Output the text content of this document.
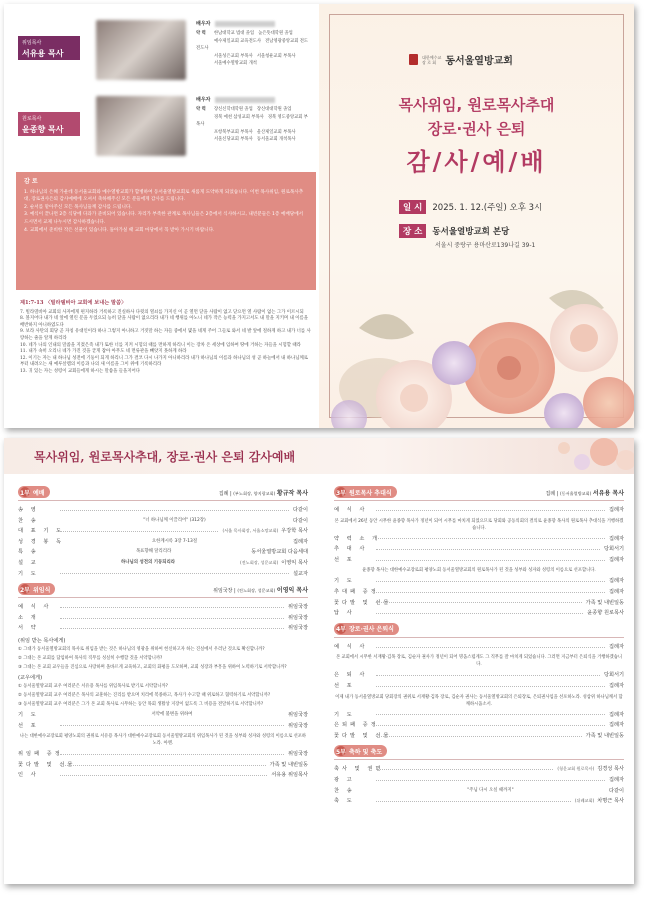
위임목사
서유용 목사
배우자
약 력 한남대학교 법대 졸업 높은뜻대학원 졸업
예수제일교회 교육전도사 전남영광중앙교회 전도전도사
서울성은교회 부목사 서울청운교회 부목사
서울예수열방교회 개척
원로목사
윤종향 목사
배우자
약 력 장신신학대학원 졸업 장신대대학원 졸업
경북 예천 삼성교회 부목사 경북 영도중앙교회 부목사
포항북부교회 부목사 울산제일교회 부목사
서울신당교회 부목사 동서울교회 개척목사
감 로

1. 하나님의 은혜 가운데 동서울교회와 예수열방교회가 합병하여 동서울열방교회로 새롭게 도약하게 되었습니다. 이번 목사위임, 원로목사추대, 장로권사은퇴 감사예배에 오셔서 축하해주신 모든 분들에게 감사를 드립니다.

2. 순서를 맡아주신 모든 목사님들께 감사를 드립니다.

3. 예식이 끝나면 2층 식당에 다과가 준비되어 있습니다. 자리가 부족한 관계로 목사님들은 2층에서 식사하시고, 내빈분들은 1층 예배당에서 드시면서 교제 나누시면 감사하겠습니다.

4. 교회에서 준비한 작은 선물이 있습니다. 돌아가실 때 교회 마당에서 꼭 받아 가시기 바랍니다.

제1:7-13 〈빌라델비아 교회에 보내는 말씀〉

7. 빌라델비아 교회의 사자에게 편지하라 거룩하고 진실하사 다윗의 열쇠를 가지신 이 곧 열면 닫을 사람이 없고 닫으면 열 사람이 없는 그가 이르시되

8. 볼지어다 내가 네 앞에 열린 문을 두었으되 능히 닫을 사람이 없으리라 내가 네 행위를 아노니 네가 작은 능력을 가지고서도 내 말을 지키며 내 이름을 배반하지 아니하였도다

9. 보라 사탄의 회당 곧 자칭 유대인이라 하나 그렇지 아니하고 거짓말 하는 자들 중에서 몇을 네게 주어 그들로 와서 네 발 앞에 절하게 하고 내가 너를 사랑하는 줄을 알게 하리라

10. 네가 나의 인내의 말씀을 지켰은즉 내가 또한 너를 지켜 시험의 때를 면하게 하리니 이는 장차 온 세상에 임하여 땅에 거하는 자들을 시험할 때라

11. 내가 속히 오리니 네가 가진 것을 굳게 잡아 아무도 네 면류관을 빼앗지 못하게 하라

12. 이기는 자는 내 하나님 성전에 기둥이 되게 하리니 그가 결코 다시 나가지 아니하리라 내가 하나님의 이름과 하나님의 성 곧 하늘에서 내 하나님께로부터 내려오는 새 예루살렘의 이름과 나의 새 이름을 그이 위에 기록하리라

13. 귀 있는 자는 성령이 교회들에게 하시는 말씀을 들을지어다

대한예수교
장 로 회 동서울열방교회
목사위임, 원로목사추대
장로·권사 은퇴
감/사/예/배
일 시 2025. 1. 12.(주일) 오후 3시
장 소 동서울열방교회 본당
서울시 중랑구 용마산로139나길 39-1
목사위임, 원로목사추대, 장로·권사 은퇴 감사예배
1부 예배	집례 | (부노회장, 양지광교회) 황규작 목사
송 영	다같이
찬 송	"너 하나님께 이끌리어" (312장)	다같이
대 표 기 도	(서울 목사회장, 서울소망교회) 우강학 목사
성 경 봉 독	요한계시록 3장 7-13절	집례자
특 송	목표향해 달리리라	동서울열방교회 다음세대
설 교	하나님의 성전의 기둥되리라	(전노회장, 성문교회) 이영익 목사
기 도	설교자
2부 위임식	위임국장 | (전노회장, 성문교회) 이영익 목사
예 식 사	위임국장
소 개	위임국장
서 약	위임국장
(위임 받는 목사에게)

① 그대가 동서울열방교회의 목사로 위임을 받는 것은 하나님의 영광을 위하여 헌신하고자 하는 진실에서 우러난 것으로 확신합니까?

② 그대는 본 교회를 담임하여 목사의 직무를 성실히 수행할 것을 서약합니까?

③ 그대는 본 교회 교우들을 진심으로 사랑하며 올바르게 교육하고, 교회의 화평을 도모하며, 교회 성장과 부흥을 위하여 노력하기로 서약합니까?

(교우에게)

① 동서울열방교회 교우 여러분은 서유용 목사를 위임목사로 받기로 서약합니까?

② 동서울열방교회 교우 여러분은 목사의 교훈하는 진리를 받으며 치리에 복종하고, 목사가 수고할 때 위로하고 협력하기로 서약합니까?

③ 동서울열방교회 교우 여러분은 그가 본 교회 목사로 시무하는 동안 목회 생활상 지장이 없도록 그 비용을 전달하기로 서약합니까?

기 도	서약에 불변을 위하여	위임국장
선 포	위임국장

나는 대한예수교장로회 평양노회의 권위로 서유용 목사가 대한예수교장로회 동서울열방교회의 위임목사가 된 것을 성부와 성자와 성령의 이름으로 선포하노라. 아멘.

위임패 증정	위임국장
꽃다발 및 선물	가족 및 내빈일동
인 사	서유용 위임목사
3부 원로목사 추대식	집례 | (동서울열방교회) 서유용 목사
예 식 사	집례자

본 교회에서 26년 동안 시무한 윤종향 목사가 정년이 되어 시무를 마치게 되었으므로 당회와 공동의회의 결의로 윤종향 목사의 원로목사 추대식을 거행하겠습니다.

약 력 소 개	집례자
추 대 사	당회서기
선 포	집례자

윤종향 목사는 대한예수교장로회 평양노회 동서울열방교회의 원로목사가 된 것을 성부와 성자와 성령의 이름으로 선포합니다.

기 도	집례자
추대패 증정	집례자
꽃다발 및 선물	가족 및 내빈일동
답 사	윤종향 원로목사
4부 장로·권사 은퇴식
예 식 사	집례자

본 교회에서 시무한 서재황·김목 장로, 김순자 권사가 정년이 되어 명움스럽게도 그 직무를 잘 마치게 되었습니다. 그러면 지금부터 은퇴식을 거행하겠습니다.

은 퇴 사	당회서기
선 포	집례자

이제 내가 동서울열방교회 당회장의 권위로 서재황·김목 장로, 김순자 권사는 동서울열방교회의 은퇴장로, 은퇴권사임을 선포하노라. 성삼위 하나님께서 함께하시옵소서.

기 도	집례자
은퇴패 증정	집례자
꽃다발 및 선물	가족 및 내빈일동
5부 축하 및 축도
축사 및 권면	(청운교회 원로목사) 김경성 목사
광 고	집례자
찬 송	"주님 다시 오실 때까지"	다같이
축 도	(뒤레교회) 차명근 목사
